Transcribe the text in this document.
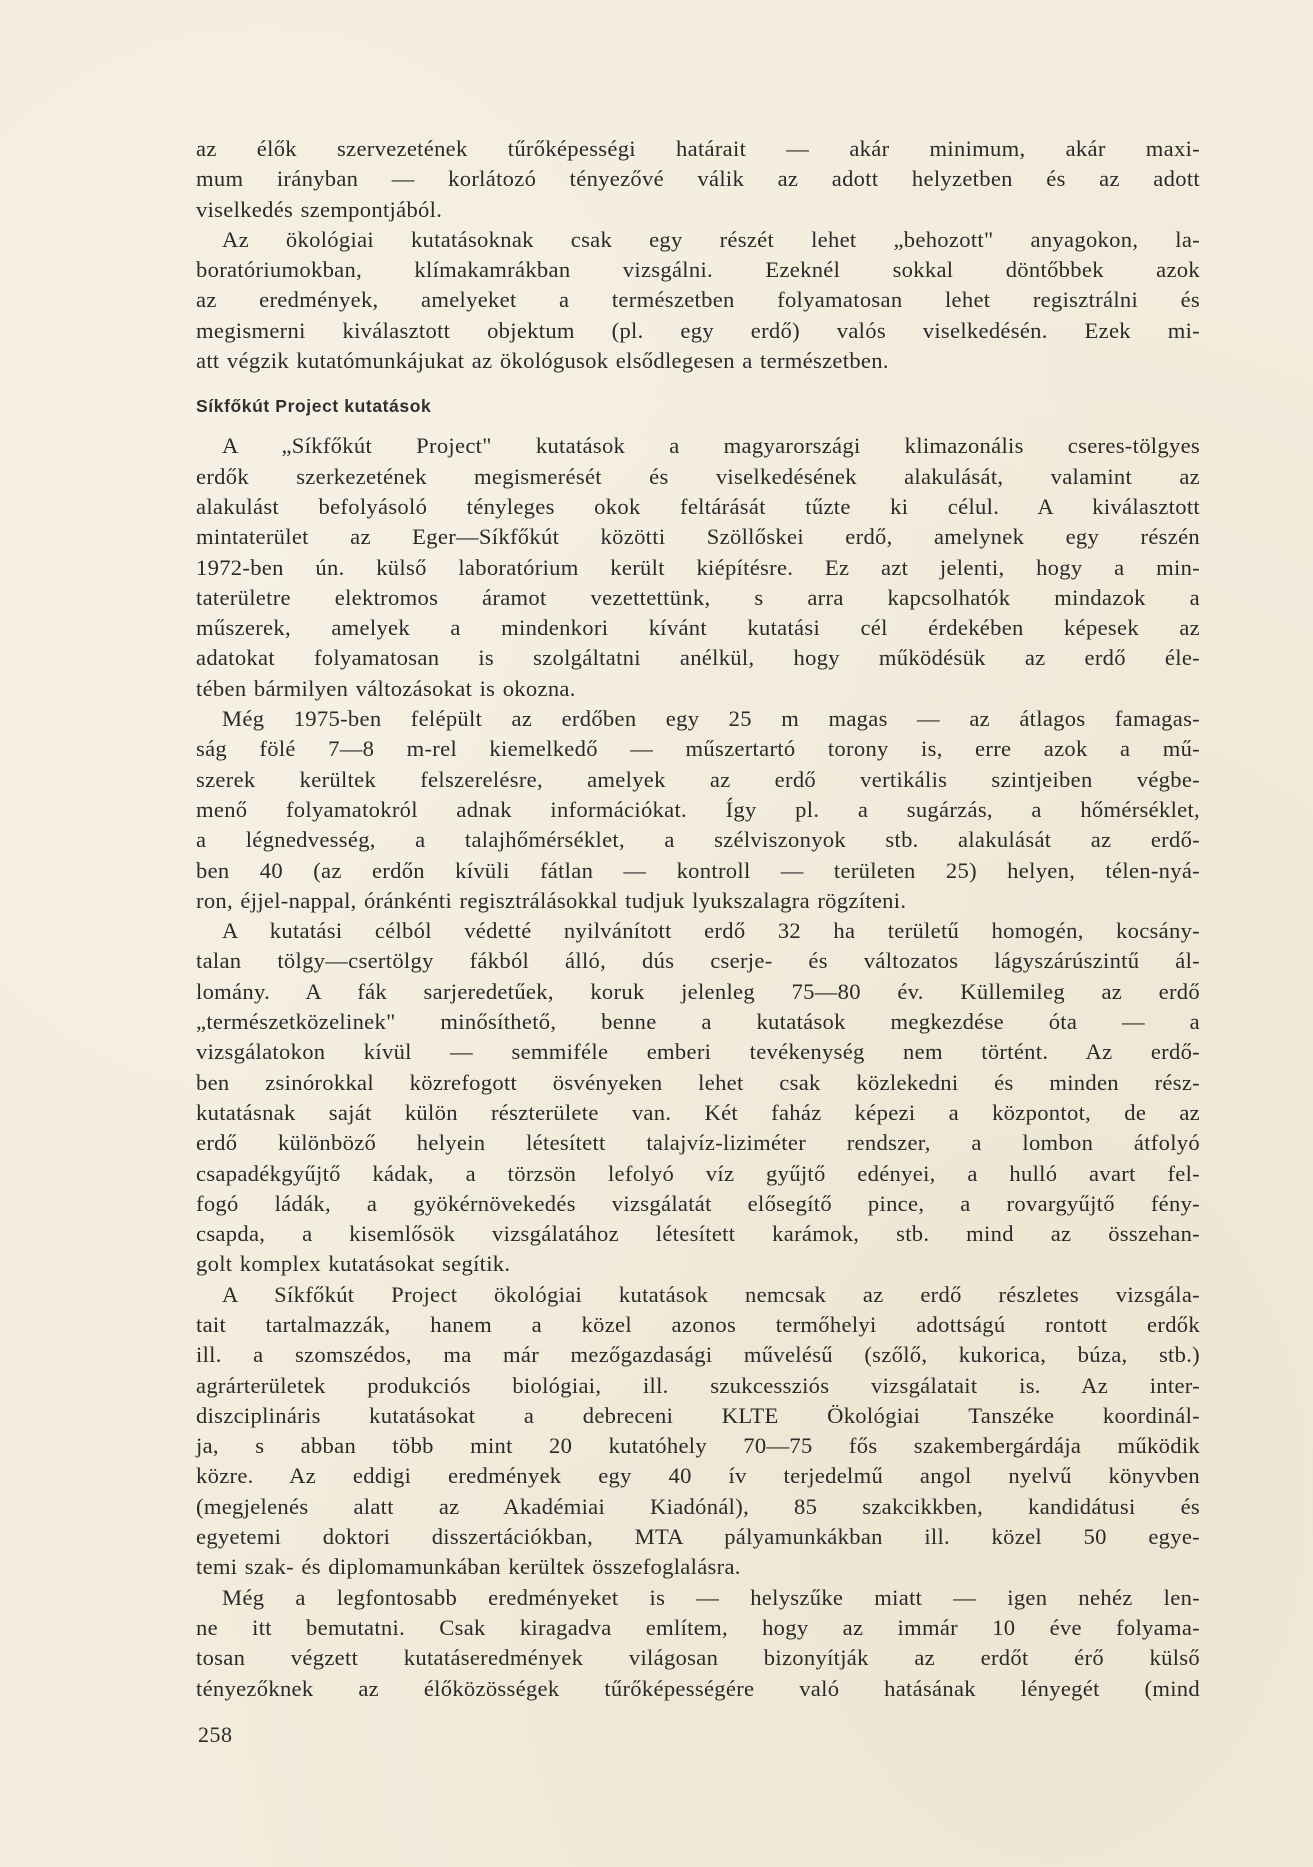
az élők szervezetének tűrőképességi határait — akár minimum, akár maxi-
mum irányban — korlátozó tényezővé válik az adott helyzetben és az adott
viselkedés szempontjából.

Az ökológiai kutatásoknak csak egy részét lehet „behozott" anyagokon, la-
boratóriumokban, klímakamrákban vizsgálni. Ezeknél sokkal döntőbbek azok
az eredmények, amelyeket a természetben folyamatosan lehet regisztrálni és
megismerni kiválasztott objektum (pl. egy erdő) valós viselkedésén. Ezek mi-
att végzik kutatómunkájukat az ökológusok elsődlegesen a természetben.

Síkfőkút Project kutatások

A „Síkfőkút Project" kutatások a magyarországi klimazonális cseres-tölgyes
erdők szerkezetének megismerését és viselkedésének alakulását, valamint az
alakulást befolyásoló tényleges okok feltárását tűzte ki célul. A kiválasztott
mintaterület az Eger—Síkfőkút közötti Szöllőskei erdő, amelynek egy részén
1972-ben ún. külső laboratórium került kiépítésre. Ez azt jelenti, hogy a min-
taterületre elektromos áramot vezettettünk, s arra kapcsolhatók mindazok a
műszerek, amelyek a mindenkori kívánt kutatási cél érdekében képesek az
adatokat folyamatosan is szolgáltatni anélkül, hogy működésük az erdő éle-
tében bármilyen változásokat is okozna.

Még 1975-ben felépült az erdőben egy 25 m magas — az átlagos famagas-
ság fölé 7—8 m-rel kiemelkedő — műszertartó torony is, erre azok a mű-
szerek kerültek felszerelésre, amelyek az erdő vertikális szintjeiben végbe-
menő folyamatokról adnak információkat. Így pl. a sugárzás, a hőmérséklet,
a légnedvesség, a talajhőmérséklet, a szélviszonyok stb. alakulását az erdő-
ben 40 (az erdőn kívüli fátlan — kontroll — területen 25) helyen, télen-nyá-
ron, éjjel-nappal, óránkénti regisztrálásokkal tudjuk lyukszalagra rögzíteni.

A kutatási célból védetté nyilvánított erdő 32 ha területű homogén, kocsány-
talan tölgy—csertölgy fákból álló, dús cserje- és változatos lágyszárúszintű ál-
lomány. A fák sarjeredetűek, koruk jelenleg 75—80 év. Küllemileg az erdő
„természetközelinek" minősíthető, benne a kutatások megkezdése óta — a
vizsgálatokon kívül — semmiféle emberi tevékenység nem történt. Az erdő-
ben zsinórokkal közrefogott ösvényeken lehet csak közlekedni és minden rész-
kutatásnak saját külön részterülete van. Két faház képezi a központot, de az
erdő különböző helyein létesített talajvíz-liziméter rendszer, a lombon átfolyó
csapadékgyűjtő kádak, a törzsön lefolyó víz gyűjtő edényei, a hulló avart fel-
fogó ládák, a gyökérnövekedés vizsgálatát elősegítő pince, a rovargyűjtő fény-
csapda, a kisemlősök vizsgálatához létesített karámok, stb. mind az összehan-
golt komplex kutatásokat segítik.

A Síkfőkút Project ökológiai kutatások nemcsak az erdő részletes vizsgála-
tait tartalmazzák, hanem a közel azonos termőhelyi adottságú rontott erdők
ill. a szomszédos, ma már mezőgazdasági művelésű (szőlő, kukorica, búza, stb.)
agrárterületek produkciós biológiai, ill. szukcessziós vizsgálatait is. Az inter-
diszciplináris kutatásokat a debreceni KLTE Ökológiai Tanszéke koordinál-
ja, s abban több mint 20 kutatóhely 70—75 fős szakembergárdája működik
közre. Az eddigi eredmények egy 40 ív terjedelmű angol nyelvű könyvben
(megjelenés alatt az Akadémiai Kiadónál), 85 szakcikkben, kandidátusi és
egyetemi doktori disszertációkban, MTA pályamunkákban ill. közel 50 egye-
temi szak- és diplomamunkában kerültek összefoglalásra.

Még a legfontosabb eredményeket is — helyszűke miatt — igen nehéz len-
ne itt bemutatni. Csak kiragadva említem, hogy az immár 10 éve folyama-
tosan végzett kutatáseredmények világosan bizonyítják az erdőt érő külső
tényezőknek az élőközösségek tűrőképességére való hatásának lényegét (mind

258
